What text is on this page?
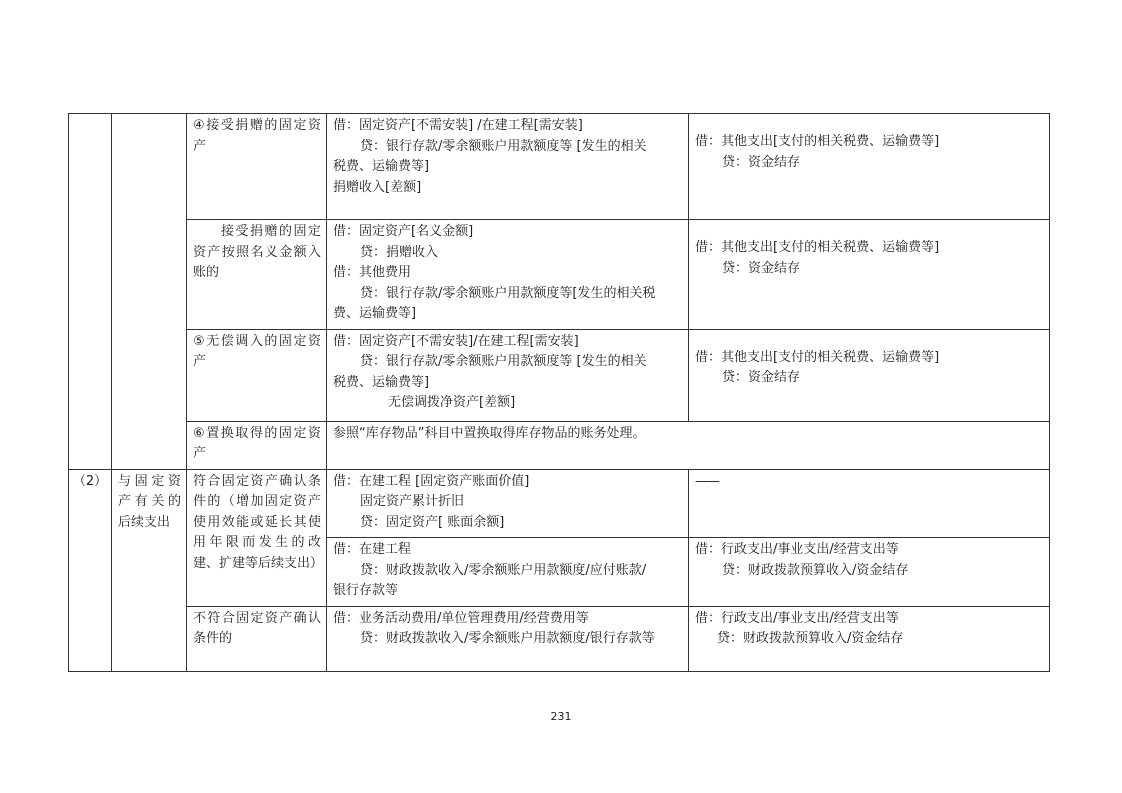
		④接受捐赠的固定资产	借：固定资产[不需安装] /在建工程[需安装]
贷：银行存款/零余额账户用款额度等 [发生的相关
税费、运输费等]
捐赠收入[差额]	借：其他支出[支付的相关税费、运输费等]
贷：资金结存

		接受捐赠的固定资产按照名义金额入账的	借：固定资产[名义金额]
贷：捐赠收入
借：其他费用
贷：银行存款/零余额账户用款额度等[发生的相关税
费、运输费等]	借：其他支出[支付的相关税费、运输费等]
贷：资金结存

		⑤无偿调入的固定资产	借：固定资产[不需安装]/在建工程[需安装]
贷：银行存款/零余额账户用款额度等 [发生的相关
税费、运输费等]
无偿调拨净资产[差额]	借：其他支出[支付的相关税费、运输费等]
贷：资金结存

		⑥置换取得的固定资产	参照“库存物品”科目中置换取得库存物品的账务处理。	
（2）	与固定资产有关的后续支出	符合固定资产确认条件的（增加固定资产使用效能或延长其使用年限而发生的改建、扩建等后续支出）	借：在建工程 [固定资产账面价值]
固定资产累计折旧
贷：固定资产[ 账面余额]	——

			借：在建工程
贷：财政拨款收入/零余额账户用款额度/应付账款/
银行存款等	借：行政支出/事业支出/经营支出等
贷：财政拨款预算收入/资金结存

		不符合固定资产确认条件的	借：业务活动费用/单位管理费用/经营费用等
贷：财政拨款收入/零余额账户用款额度/银行存款等	借：行政支出/事业支出/经营支出等
贷：财政拨款预算收入/资金结存
231
